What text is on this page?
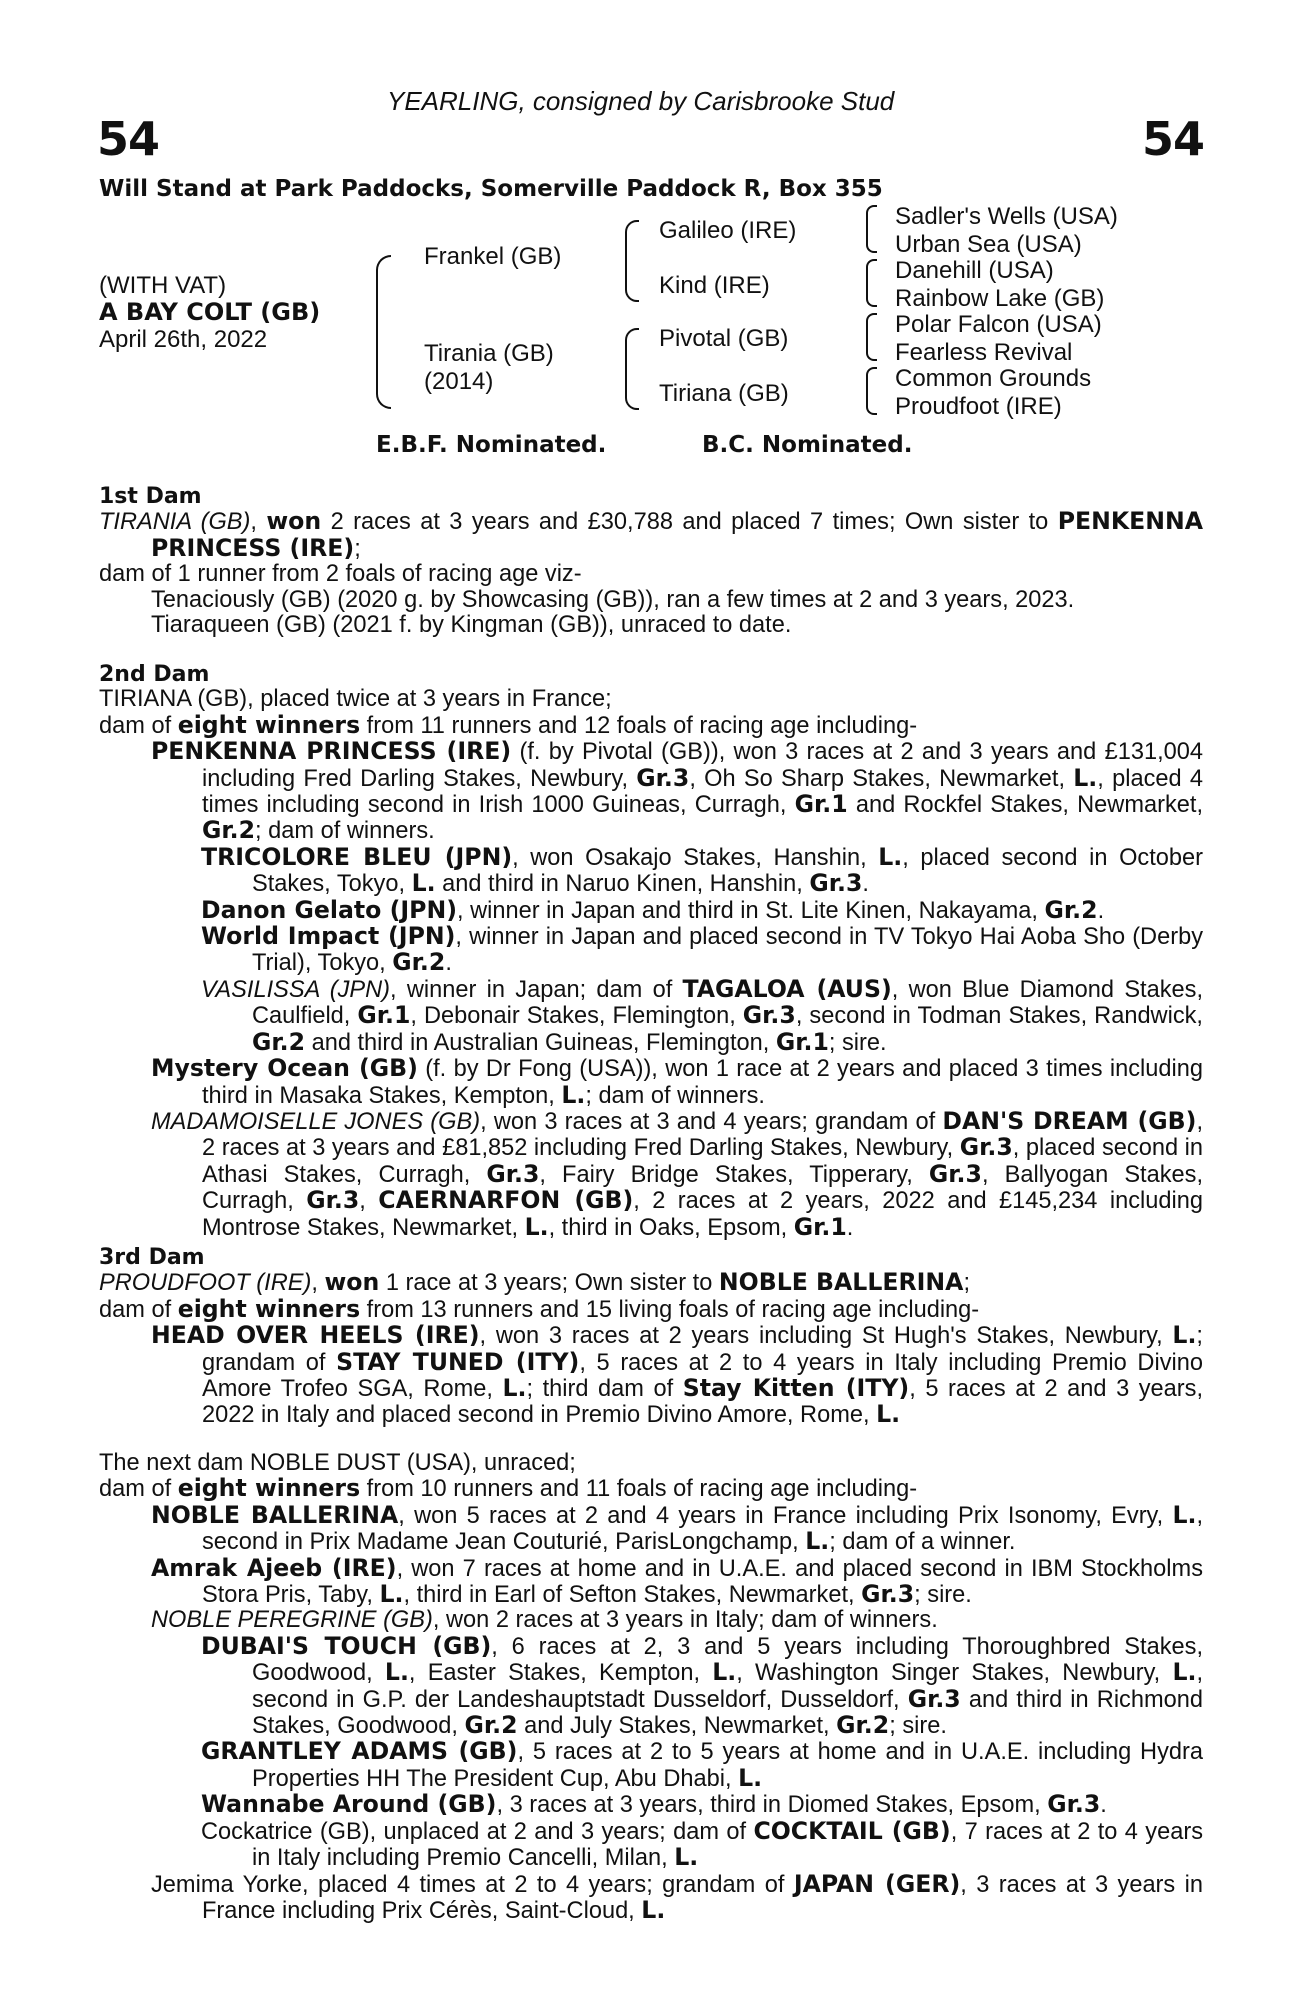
YEARLING, consigned by Carisbrooke Stud
54	54
Will Stand at Park Paddocks, Somerville Paddock R, Box 355
(WITH VAT)
A BAY COLT (GB)
April 26th, 2022
Frankel (GB)
Tirania (GB)
(2014)
Galileo (IRE)
Kind (IRE)
Pivotal (GB)
Tiriana (GB)
Sadler's Wells (USA)
Urban Sea (USA)
Danehill (USA)
Rainbow Lake (GB)
Polar Falcon (USA)
Fearless Revival
Common Grounds
Proudfoot (IRE)
E.B.F. Nominated.	B.C. Nominated.
1st Dam

TIRANIA (GB), won 2 races at 3 years and £30,788 and placed 7 times; Own sister to PENKENNA PRINCESS (IRE);

dam of 1 runner from 2 foals of racing age viz-

Tenaciously (GB) (2020 g. by Showcasing (GB)), ran a few times at 2 and 3 years, 2023.

Tiaraqueen (GB) (2021 f. by Kingman (GB)), unraced to date.

2nd Dam

TIRIANA (GB), placed twice at 3 years in France;

dam of eight winners from 11 runners and 12 foals of racing age including-

PENKENNA PRINCESS (IRE) (f. by Pivotal (GB)), won 3 races at 2 and 3 years and £131,004 including Fred Darling Stakes, Newbury, Gr.3, Oh So Sharp Stakes, Newmarket, L., placed 4 times including second in Irish 1000 Guineas, Curragh, Gr.1 and Rockfel Stakes, Newmarket, Gr.2; dam of winners.

TRICOLORE BLEU (JPN), won Osakajo Stakes, Hanshin, L., placed second in October Stakes, Tokyo, L. and third in Naruo Kinen, Hanshin, Gr.3.

Danon Gelato (JPN), winner in Japan and third in St. Lite Kinen, Nakayama, Gr.2.

World Impact (JPN), winner in Japan and placed second in TV Tokyo Hai Aoba Sho (Derby Trial), Tokyo, Gr.2.

VASILISSA (JPN), winner in Japan; dam of TAGALOA (AUS), won Blue Diamond Stakes, Caulfield, Gr.1, Debonair Stakes, Flemington, Gr.3, second in Todman Stakes, Randwick, Gr.2 and third in Australian Guineas, Flemington, Gr.1; sire.

Mystery Ocean (GB) (f. by Dr Fong (USA)), won 1 race at 2 years and placed 3 times including third in Masaka Stakes, Kempton, L.; dam of winners.

MADAMOISELLE JONES (GB), won 3 races at 3 and 4 years; grandam of DAN'S DREAM (GB), 2 races at 3 years and £81,852 including Fred Darling Stakes, Newbury, Gr.3, placed second in Athasi Stakes, Curragh, Gr.3, Fairy Bridge Stakes, Tipperary, Gr.3, Ballyogan Stakes, Curragh, Gr.3, CAERNARFON (GB), 2 races at 2 years, 2022 and £145,234 including Montrose Stakes, Newmarket, L., third in Oaks, Epsom, Gr.1.

3rd Dam

PROUDFOOT (IRE), won 1 race at 3 years; Own sister to NOBLE BALLERINA;

dam of eight winners from 13 runners and 15 living foals of racing age including-

HEAD OVER HEELS (IRE), won 3 races at 2 years including St Hugh's Stakes, Newbury, L.; grandam of STAY TUNED (ITY), 5 races at 2 to 4 years in Italy including Premio Divino Amore Trofeo SGA, Rome, L.; third dam of Stay Kitten (ITY), 5 races at 2 and 3 years, 2022 in Italy and placed second in Premio Divino Amore, Rome, L.

The next dam NOBLE DUST (USA), unraced;

dam of eight winners from 10 runners and 11 foals of racing age including-

NOBLE BALLERINA, won 5 races at 2 and 4 years in France including Prix Isonomy, Evry, L., second in Prix Madame Jean Couturié, ParisLongchamp, L.; dam of a winner.

Amrak Ajeeb (IRE), won 7 races at home and in U.A.E. and placed second in IBM Stockholms Stora Pris, Taby, L., third in Earl of Sefton Stakes, Newmarket, Gr.3; sire.

NOBLE PEREGRINE (GB), won 2 races at 3 years in Italy; dam of winners.

DUBAI'S TOUCH (GB), 6 races at 2, 3 and 5 years including Thoroughbred Stakes, Goodwood, L., Easter Stakes, Kempton, L., Washington Singer Stakes, Newbury, L., second in G.P. der Landeshauptstadt Dusseldorf, Dusseldorf, Gr.3 and third in Richmond Stakes, Goodwood, Gr.2 and July Stakes, Newmarket, Gr.2; sire.

GRANTLEY ADAMS (GB), 5 races at 2 to 5 years at home and in U.A.E. including Hydra Properties HH The President Cup, Abu Dhabi, L.

Wannabe Around (GB), 3 races at 3 years, third in Diomed Stakes, Epsom, Gr.3.

Cockatrice (GB), unplaced at 2 and 3 years; dam of COCKTAIL (GB), 7 races at 2 to 4 years in Italy including Premio Cancelli, Milan, L.

Jemima Yorke, placed 4 times at 2 to 4 years; grandam of JAPAN (GER), 3 races at 3 years in France including Prix Cérès, Saint-Cloud, L.
